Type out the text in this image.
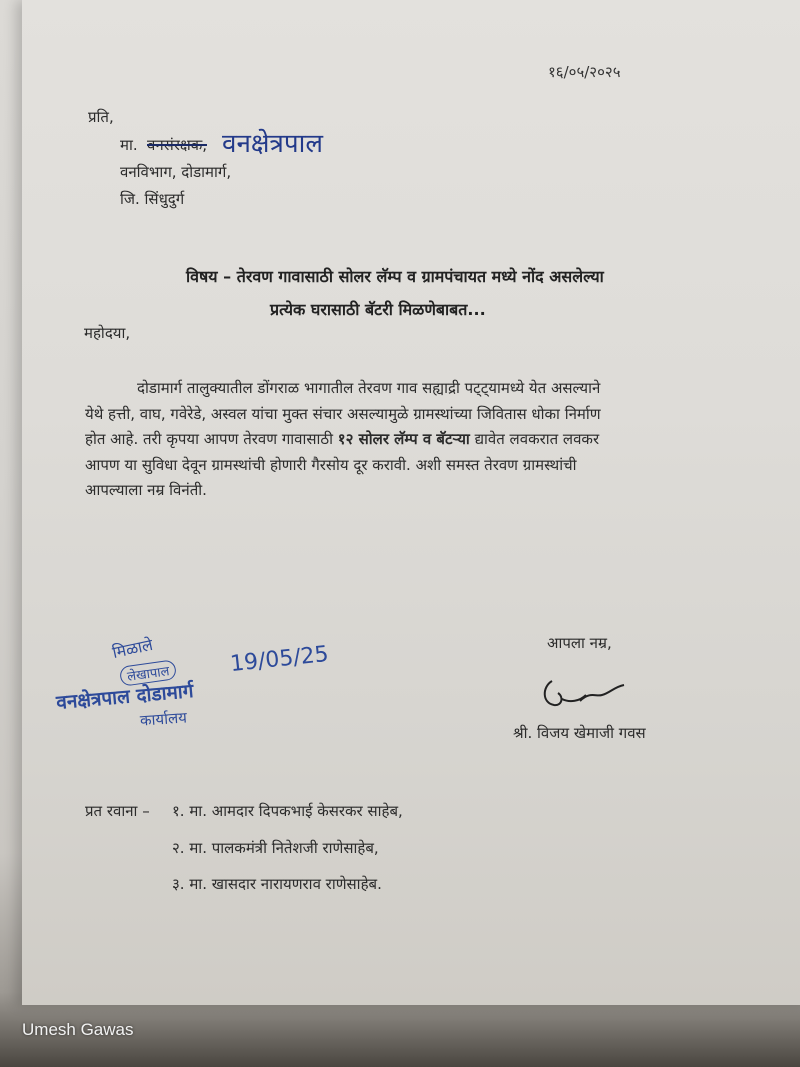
१६/०५/२०२५
प्रति,
मा. वनसंरक्षक, वनक्षेत्रपाल
वनविभाग, दोडामार्ग,
जि. सिंधुदुर्ग
विषय – तेरवण गावासाठी सोलर लॅम्प व ग्रामपंचायत मध्ये नोंद असलेल्या
प्रत्येक घरासाठी बॅटरी मिळणेबाबत...
महोदया,
दोडामार्ग तालुक्यातील डोंगराळ भागातील तेरवण गाव सह्याद्री पट्ट्यामध्ये येत असल्याने
येथे हत्ती, वाघ, गवेरेडे, अस्वल यांचा मुक्त संचार असल्यामुळे ग्रामस्थांच्या जिवितास धोका निर्माण
होत आहे. तरी कृपया आपण तेरवण गावासाठी १२ सोलर लॅम्प व बॅटऱ्या द्यावेत लवकरात लवकर
आपण या सुविधा देवून ग्रामस्थांची होणारी गैरसोय दूर करावी. अशी समस्त तेरवण ग्रामस्थांची
आपल्याला नम्र विनंती.
आपला नम्र,
श्री. विजय खेमाजी गवस
मिळाले
लेखापाल
वनक्षेत्रपाल दोडामार्ग
कार्यालय
19/05/25
प्रत रवाना – १. मा. आमदार दिपकभाई केसरकर साहेब,
२. मा. पालकमंत्री नितेशजी राणेसाहेब,
३. मा. खासदार नारायणराव राणेसाहेब.
Umesh Gawas
